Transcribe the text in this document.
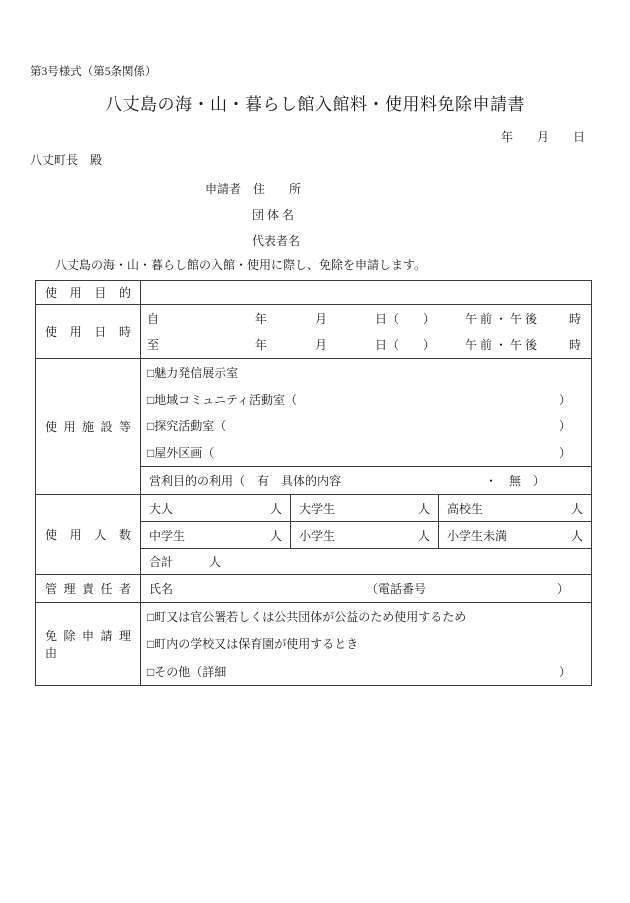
第3号様式（第5条関係）
八丈島の海・山・暮らし館入館料・使用料免除申請書
年　　月　　日
八丈町長　殿
申請者　住　　所
団 体 名
代表者名
八丈島の海・山・暮らし館の入館・使用に際し、免除を申請します。
使　用　目　的			
使　用　日　時	自　　　　　　　　年　　　　月　　　　日（　　）　　　午 前 ・ 午 後 時
至　　　　　　　　年　　　　月　　　　日（　　）　　　午 前 ・ 午 後 時		

使 用 施 設 等	
□魅力発信展示室
□地域コミュニティ活動室（	）
□探究活動室（	）
□屋外区画（	）

	営利目的の利用（　有　具体的内容 ・　無　）		

使　用　人　数	大人 人	大学生 人	高校生 人

	中学生 人	小学生 人	小学生未満 人

	合計　　　人		
管 理 責 任 者	氏名 （電話番号 ）		

免 除 申 請 理 由	□町又は官公署若しくは公共団体が公益のため使用するため
□町内の学校又は保育園が使用するとき
□その他（詳細 ）		
